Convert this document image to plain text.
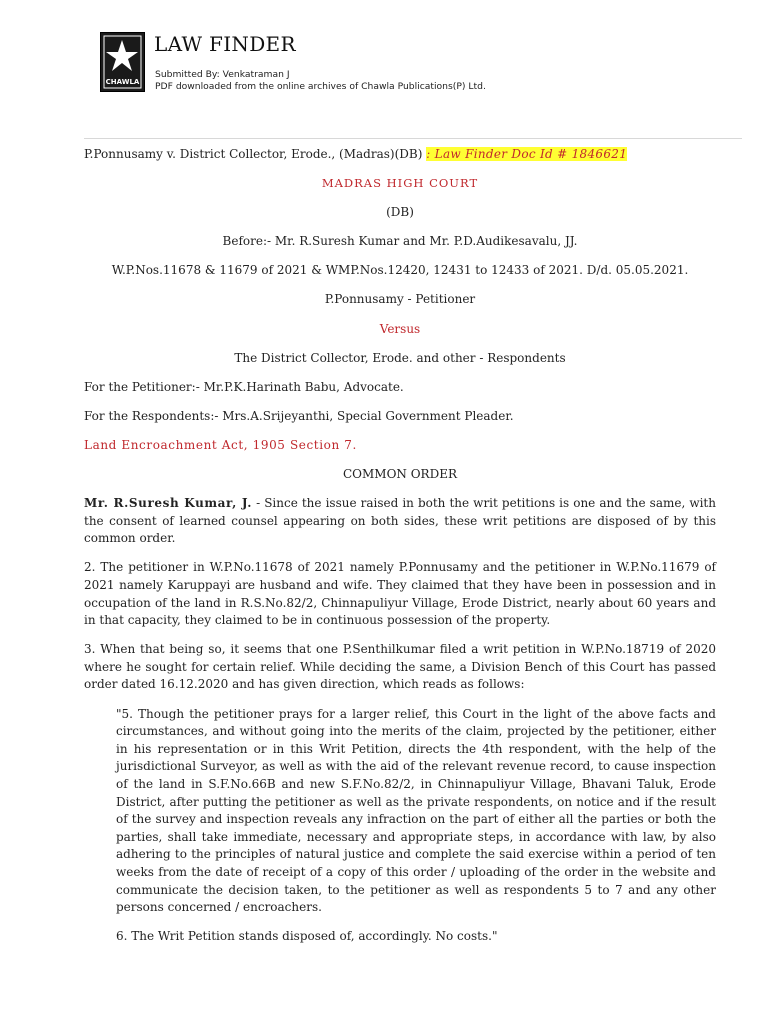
CHAWLA
LAW FINDER
Submitted By: Venkatraman J
PDF downloaded from the online archives of Chawla Publications(P) Ltd.

P.Ponnusamy v. District Collector, Erode., (Madras)(DB) : Law Finder Doc Id # 1846621

MADRAS HIGH COURT

(DB)

Before:- Mr. R.Suresh Kumar and Mr. P.D.Audikesavalu, JJ.

W.P.Nos.11678 & 11679 of 2021 & WMP.Nos.12420, 12431 to 12433 of 2021. D/d. 05.05.2021.

P.Ponnusamy - Petitioner

Versus

The District Collector, Erode. and other - Respondents

For the Petitioner:- Mr.P.K.Harinath Babu, Advocate.

For the Respondents:- Mrs.A.Srijeyanthi, Special Government Pleader.

Land Encroachment Act, 1905 Section 7.

COMMON ORDER

Mr. R.Suresh Kumar, J. - Since the issue raised in both the writ petitions is one and the same, with the consent of learned counsel appearing on both sides, these writ petitions are disposed of by this common order.

2. The petitioner in W.P.No.11678 of 2021 namely P.Ponnusamy and the petitioner in W.P.No.11679 of 2021 namely Karuppayi are husband and wife. They claimed that they have been in possession and in occupation of the land in R.S.No.82/2, Chinnapuliyur Village, Erode District, nearly about 60 years and in that capacity, they claimed to be in continuous possession of the property.

3. When that being so, it seems that one P.Senthilkumar filed a writ petition in W.P.No.18719 of 2020 where he sought for certain relief. While deciding the same, a Division Bench of this Court has passed order dated 16.12.2020 and has given direction, which reads as follows:

"5. Though the petitioner prays for a larger relief, this Court in the light of the above facts and circumstances, and without going into the merits of the claim, projected by the petitioner, either in his representation or in this Writ Petition, directs the 4th respondent, with the help of the jurisdictional Surveyor, as well as with the aid of the relevant revenue record, to cause inspection of the land in S.F.No.66B and new S.F.No.82/2, in Chinnapuliyur Village, Bhavani Taluk, Erode District, after putting the petitioner as well as the private respondents, on notice and if the result of the survey and inspection reveals any infraction on the part of either all the parties or both the parties, shall take immediate, necessary and appropriate steps, in accordance with law, by also adhering to the principles of natural justice and complete the said exercise within a period of ten weeks from the date of receipt of a copy of this order / uploading of the order in the website and communicate the decision taken, to the petitioner as well as respondents 5 to 7 and any other persons concerned / encroachers.

6. The Writ Petition stands disposed of, accordingly. No costs."
